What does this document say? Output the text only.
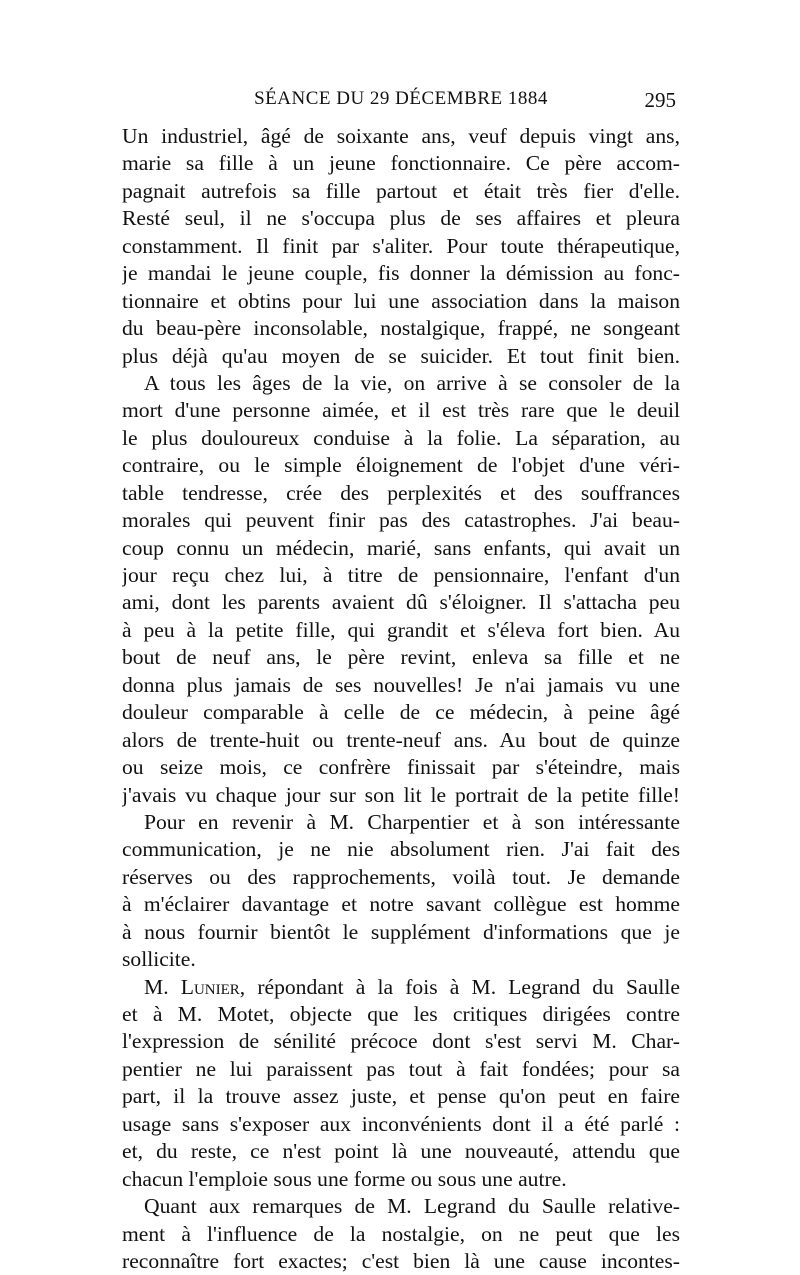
SÉANCE DU 29 DÉCEMBRE 1884	295
Un industriel, âgé de soixante ans, veuf depuis vingt ans,
marie sa fille à un jeune fonctionnaire. Ce père accom-
pagnait autrefois sa fille partout et était très fier d'elle.
Resté seul, il ne s'occupa plus de ses affaires et pleura
constamment. Il finit par s'aliter. Pour toute thérapeutique,
je mandai le jeune couple, fis donner la démission au fonc-
tionnaire et obtins pour lui une association dans la maison
du beau-père inconsolable, nostalgique, frappé, ne songeant
plus déjà qu'au moyen de se suicider. Et tout finit bien.
A tous les âges de la vie, on arrive à se consoler de la
mort d'une personne aimée, et il est très rare que le deuil
le plus douloureux conduise à la folie. La séparation, au
contraire, ou le simple éloignement de l'objet d'une véri-
table tendresse, crée des perplexités et des souffrances
morales qui peuvent finir pas des catastrophes. J'ai beau-
coup connu un médecin, marié, sans enfants, qui avait un
jour reçu chez lui, à titre de pensionnaire, l'enfant d'un
ami, dont les parents avaient dû s'éloigner. Il s'attacha peu
à peu à la petite fille, qui grandit et s'éleva fort bien. Au
bout de neuf ans, le père revint, enleva sa fille et ne
donna plus jamais de ses nouvelles! Je n'ai jamais vu une
douleur comparable à celle de ce médecin, à peine âgé
alors de trente-huit ou trente-neuf ans. Au bout de quinze
ou seize mois, ce confrère finissait par s'éteindre, mais
j'avais vu chaque jour sur son lit le portrait de la petite fille!
Pour en revenir à M. Charpentier et à son intéressante
communication, je ne nie absolument rien. J'ai fait des
réserves ou des rapprochements, voilà tout. Je demande
à m'éclairer davantage et notre savant collègue est homme
à nous fournir bientôt le supplément d'informations que je
sollicite.
M. Lunier, répondant à la fois à M. Legrand du Saulle
et à M. Motet, objecte que les critiques dirigées contre
l'expression de sénilité précoce dont s'est servi M. Char-
pentier ne lui paraissent pas tout à fait fondées; pour sa
part, il la trouve assez juste, et pense qu'on peut en faire
usage sans s'exposer aux inconvénients dont il a été parlé :
et, du reste, ce n'est point là une nouveauté, attendu que
chacun l'emploie sous une forme ou sous une autre.
Quant aux remarques de M. Legrand du Saulle relative-
ment à l'influence de la nostalgie, on ne peut que les
reconnaître fort exactes; c'est bien là une cause incontes-
